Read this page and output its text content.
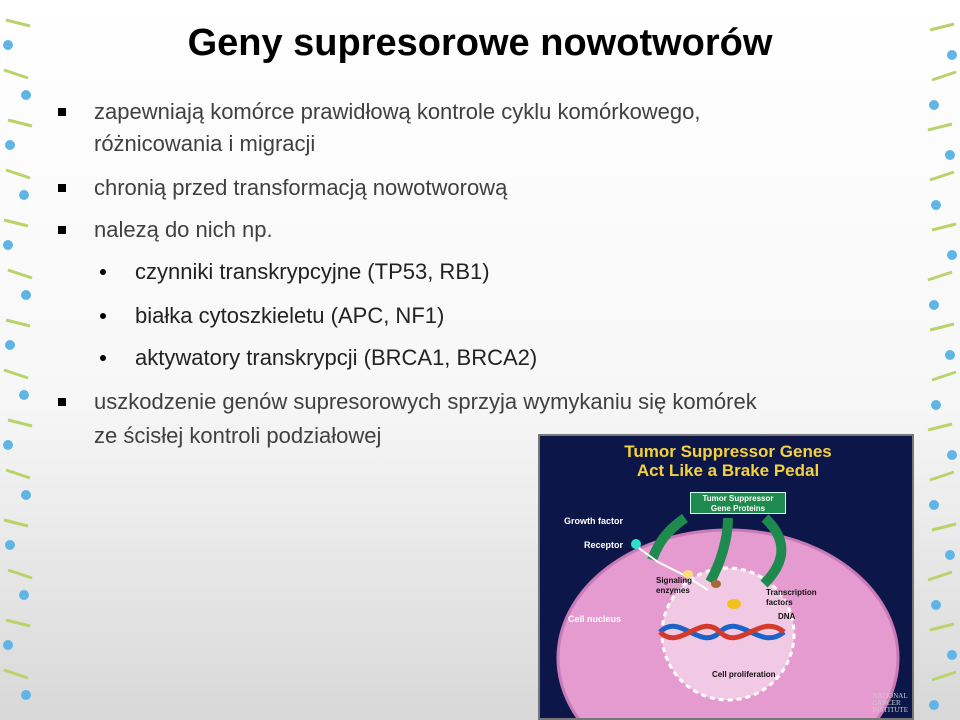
Geny supresorowe nowotworów
zapewniają komórce prawidłową kontrole cyklu komórkowego,
różnicowania i migracji
chronią przed transformacją nowotworową
nalezą do nich np.
czynniki transkrypcyjne (TP53, RB1)
białka cytoszkieletu (APC, NF1)
aktywatory transkrypcji (BRCA1, BRCA2)
uszkodzenie genów supresorowych sprzyja wymykaniu się komórek
ze ścisłej kontroli podziałowej
Tumor Suppressor Genes
Act Like a Brake Pedal
Tumor Suppressor
Gene Proteins
Growth factor
Receptor
Signaling
enzymes
Cell nucleus
Transcription
factors
DNA
Cell proliferation
NATIONAL
CANCER
INSTITUTE
